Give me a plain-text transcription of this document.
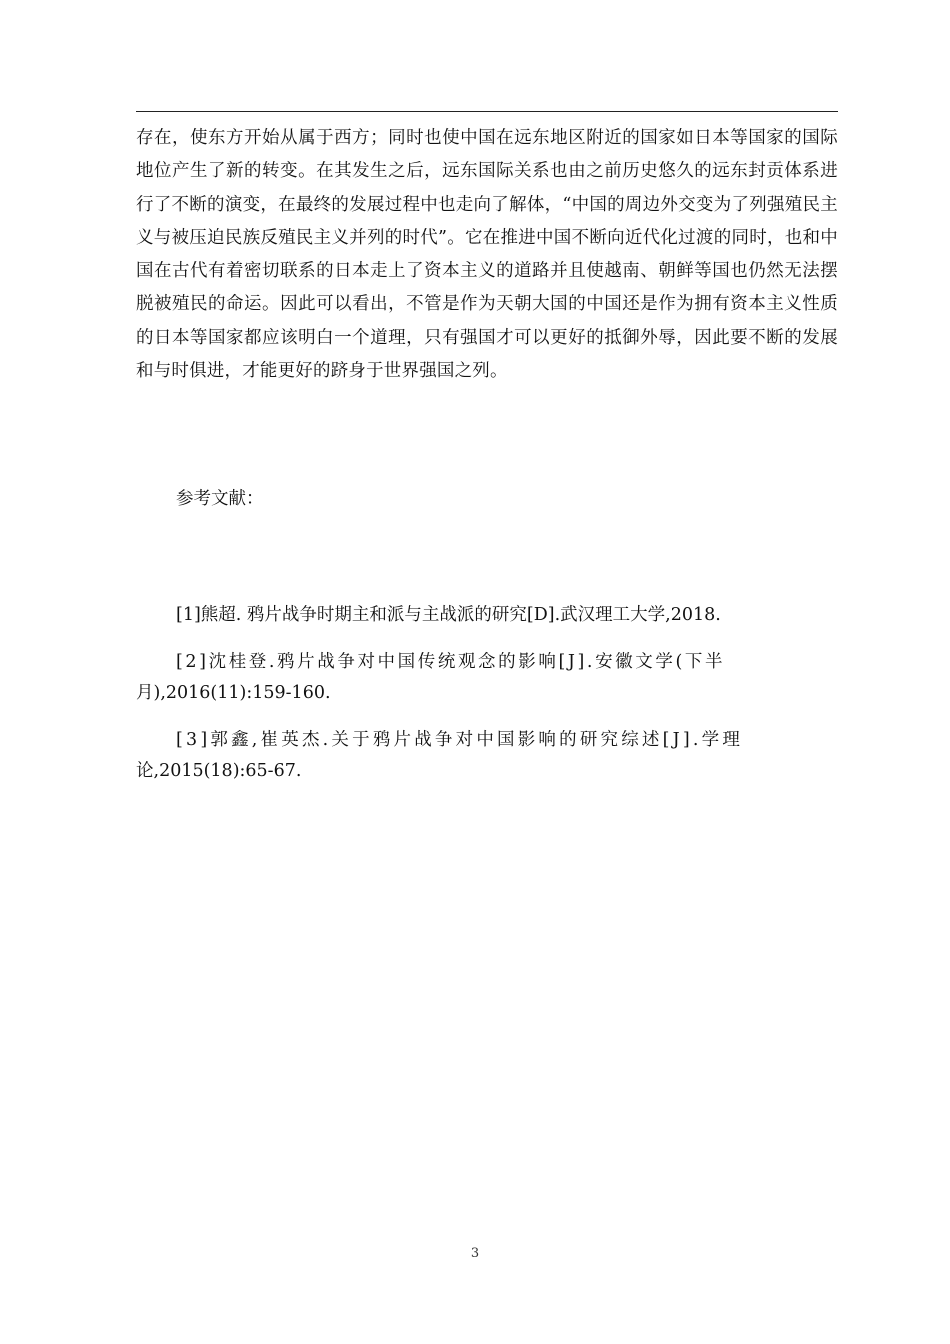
存在，使东方开始从属于西方；同时也使中国在远东地区附近的国家如日本等国家的国际地位产生了新的转变。在其发生之后，远东国际关系也由之前历史悠久的远东封贡体系进行了不断的演变，在最终的发展过程中也走向了解体，“中国的周边外交变为了列强殖民主义与被压迫民族反殖民主义并列的时代”。它在推进中国不断向近代化过渡的同时，也和中国在古代有着密切联系的日本走上了资本主义的道路并且使越南、朝鲜等国也仍然无法摆脱被殖民的命运。因此可以看出，不管是作为天朝大国的中国还是作为拥有资本主义性质的日本等国家都应该明白一个道理，只有强国才可以更好的抵御外辱，因此要不断的发展和与时俱进，才能更好的跻身于世界强国之列。

参考文献：

[1]熊超. 鸦片战争时期主和派与主战派的研究[D].武汉理工大学,2018.

[2]沈桂登.鸦片战争对中国传统观念的影响[J].安徽文学(下半
月),2016(11):159-160.

[3]郭鑫,崔英杰.关于鸦片战争对中国影响的研究综述[J].学理
论,2015(18):65-67.

3
